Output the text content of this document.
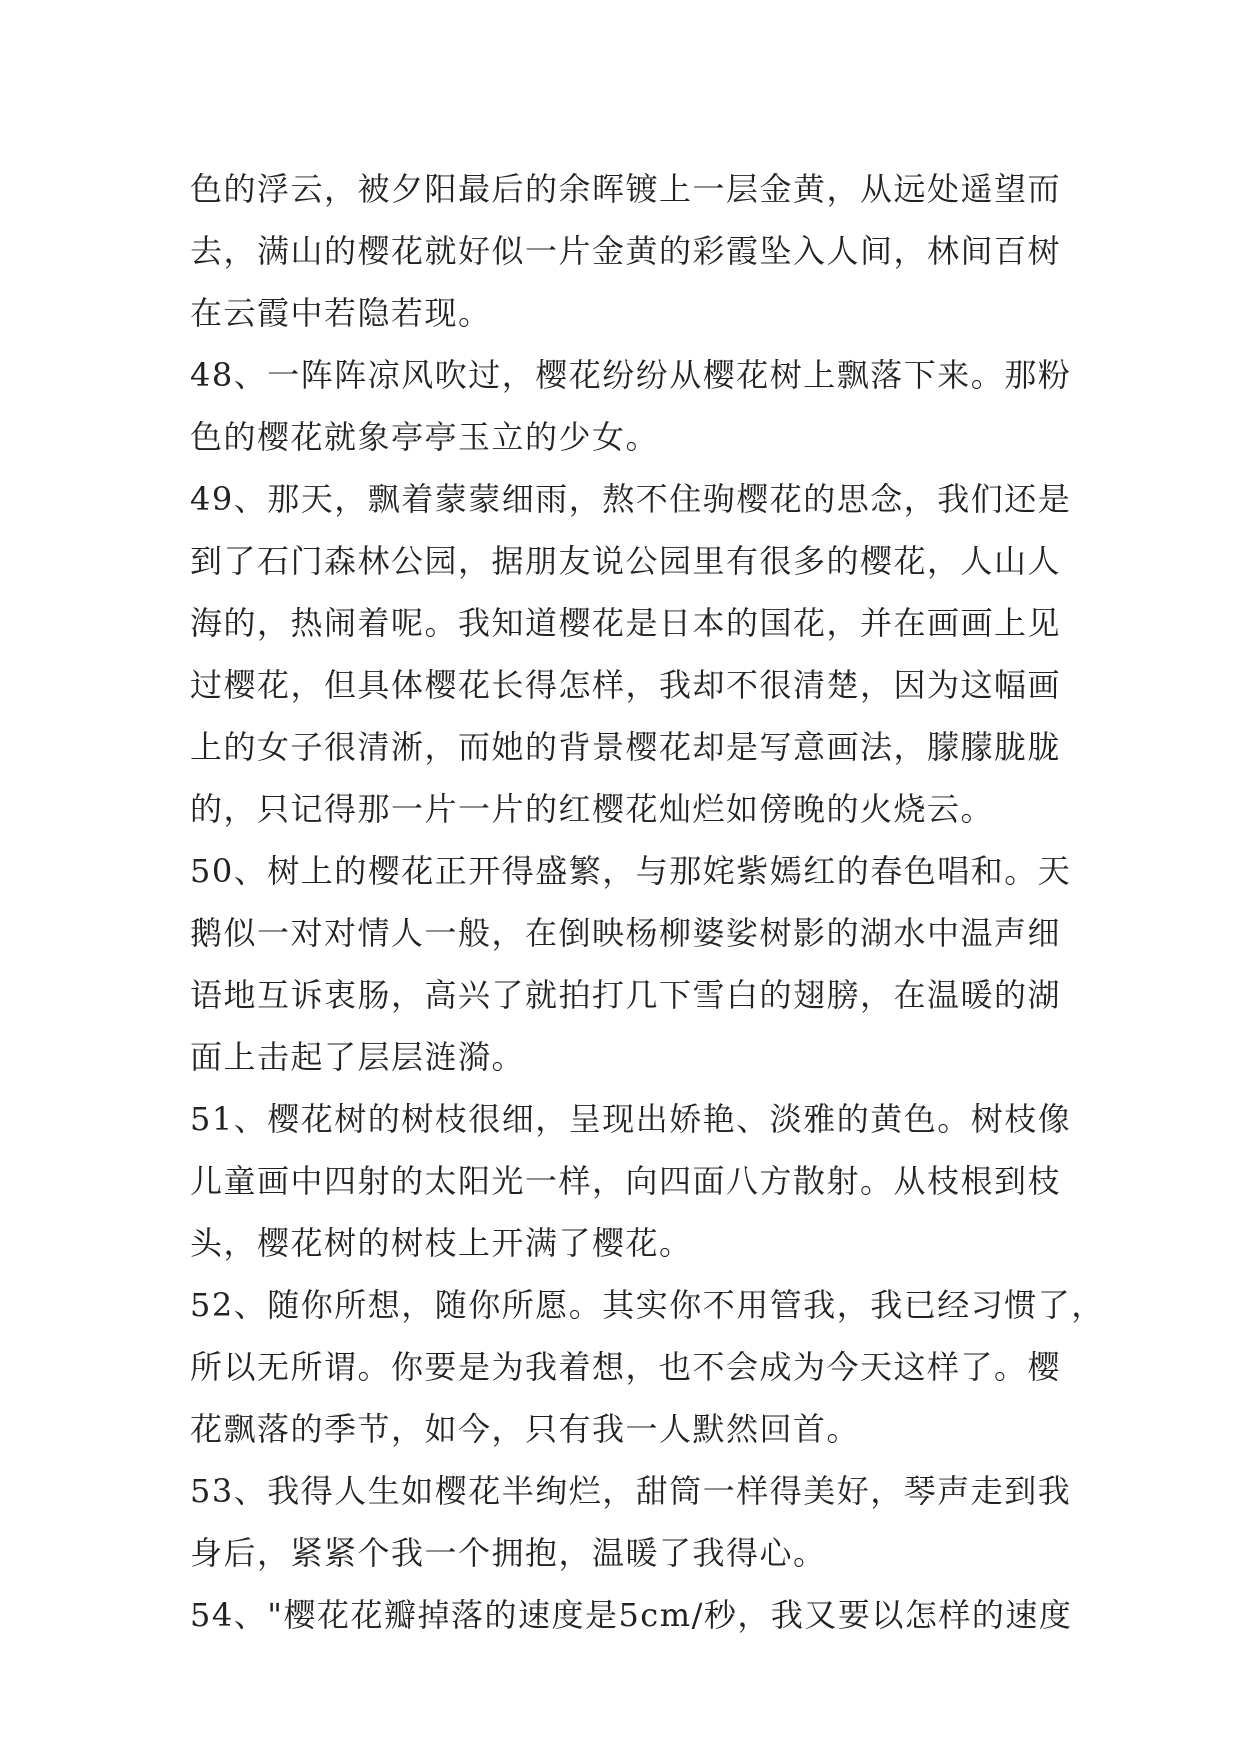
色的浮云，被夕阳最后的余晖镀上一层金黄，从远处遥望而
去，满山的樱花就好似一片金黄的彩霞坠入人间，林间百树
在云霞中若隐若现。
48、一阵阵凉风吹过，樱花纷纷从樱花树上飘落下来。那粉
色的樱花就象亭亭玉立的少女。
49、那天，飘着蒙蒙细雨，熬不住驹樱花的思念，我们还是
到了石门森林公园，据朋友说公园里有很多的樱花，人山人
海的，热闹着呢。我知道樱花是日本的国花，并在画画上见
过樱花，但具体樱花长得怎样，我却不很清楚，因为这幅画
上的女子很清淅，而她的背景樱花却是写意画法，朦朦胧胧
的，只记得那一片一片的红樱花灿烂如傍晚的火烧云。
50、树上的樱花正开得盛繁，与那姹紫嫣红的春色唱和。天
鹅似一对对情人一般，在倒映杨柳婆娑树影的湖水中温声细
语地互诉衷肠，高兴了就拍打几下雪白的翅膀，在温暖的湖
面上击起了层层涟漪。
51、樱花树的树枝很细，呈现出娇艳、淡雅的黄色。树枝像
儿童画中四射的太阳光一样，向四面八方散射。从枝根到枝
头，樱花树的树枝上开满了樱花。
52、随你所想，随你所愿。其实你不用管我，我已经习惯了，
所以无所谓。你要是为我着想，也不会成为今天这样了。樱
花飘落的季节，如今，只有我一人默然回首。
53、我得人生如樱花半绚烂，甜筒一样得美好，琴声走到我
身后，紧紧个我一个拥抱，温暖了我得心。
54、"樱花花瓣掉落的速度是5cm/秒，我又要以怎样的速度
